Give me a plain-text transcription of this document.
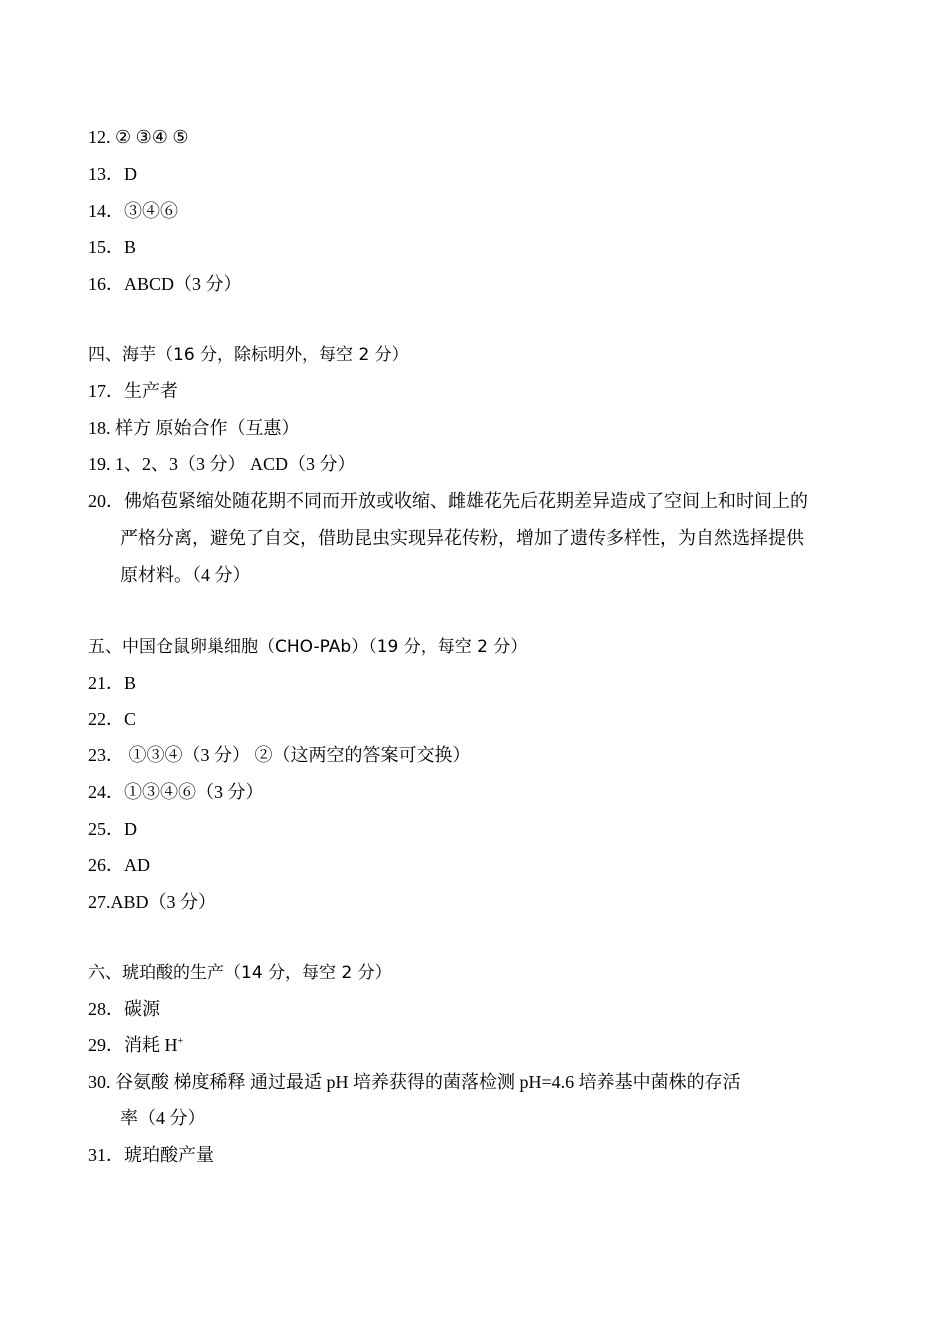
12. ② ③④ ⑤
13．D
14．③④⑥
15．B
16．ABCD（3 分）
四、海芋（16 分，除标明外，每空 2 分）
17．生产者
18. 样方 原始合作（互惠）
19. 1、2、3（3 分） ACD（3 分）
20．佛焰苞紧缩处随花期不同而开放或收缩、雌雄花先后花期差异造成了空间上和时间上的
严格分离，避免了自交，借助昆虫实现异花传粉，增加了遗传多样性，为自然选择提供
原材料。（4 分）
五、中国仓鼠卵巢细胞（CHO-PAb）（19 分，每空 2 分）
21．B
22．C
23． ①③④（3 分） ②（这两空的答案可交换）
24．①③④⑥（3 分）
25．D
26．AD
27.ABD（3 分）
六、琥珀酸的生产（14 分，每空 2 分）
28．碳源
29．消耗 H+
30. 谷氨酸 梯度稀释 通过最适 pH 培养获得的菌落检测 pH=4.6 培养基中菌株的存活
率（4 分）
31．琥珀酸产量
